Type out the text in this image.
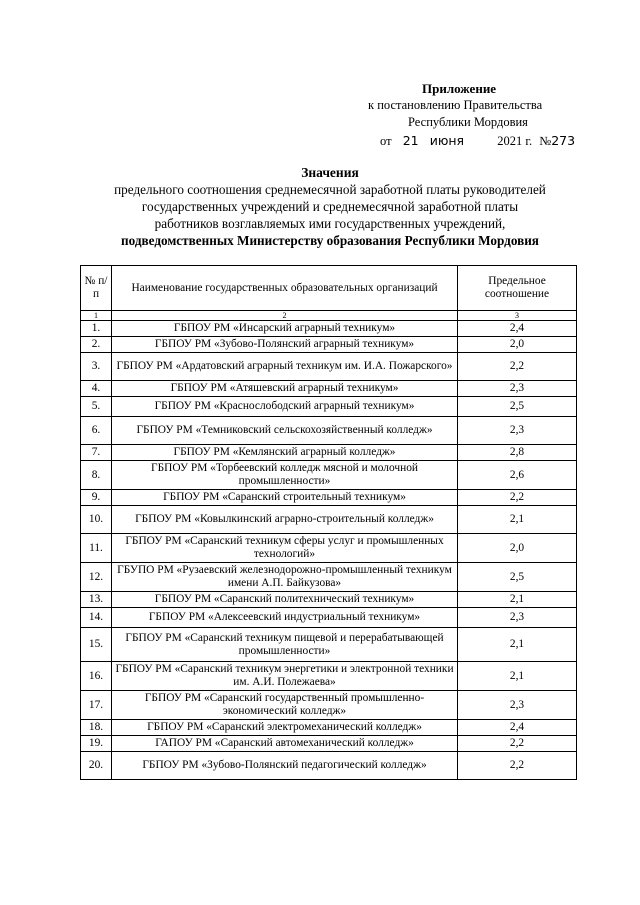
Приложение
к постановлению Правительства
Республики Мордовия
от 21 июня	2021 г. №273
Значения
предельного соотношения среднемесячной заработной платы руководителей
государственных учреждений и среднемесячной заработной платы
работников возглавляемых ими государственных учреждений,
подведомственных Министерству образования Республики Мордовия
№ п/п	Наименование государственных образовательных организаций	Предельное соотношение
1	2	3
1.	ГБПОУ РМ «Инсарский аграрный техникум»	2,4
2.	ГБПОУ РМ «Зубово-Полянский аграрный техникум»	2,0
3.	ГБПОУ РМ «Ардатовский аграрный техникум им. И.А. Пожарского»	2,2
4.	ГБПОУ РМ «Атяшевский аграрный техникум»	2,3
5.	ГБПОУ РМ «Краснослободский аграрный техникум»	2,5
6.	ГБПОУ РМ «Темниковский сельскохозяйственный колледж»	2,3
7.	ГБПОУ РМ «Кемлянский аграрный колледж»	2,8
8.	ГБПОУ РМ «Торбеевский колледж мясной и молочной промышленности»	2,6
9.	ГБПОУ РМ «Саранский строительный техникум»	2,2
10.	ГБПОУ РМ «Ковылкинский аграрно-строительный колледж»	2,1
11.	ГБПОУ РМ «Саранский техникум сферы услуг и промышленных технологий»	2,0
12.	ГБУПО РМ «Рузаевский железнодорожно-промышленный техникум имени А.П. Байкузова»	2,5
13.	ГБПОУ РМ «Саранский политехнический техникум»	2,1
14.	ГБПОУ РМ «Алексеевский индустриальный техникум»	2,3
15.	ГБПОУ РМ «Саранский техникум пищевой и перерабатывающей промышленности»	2,1
16.	ГБПОУ РМ «Саранский техникум энергетики и электронной техники им. А.И. Полежаева»	2,1
17.	ГБПОУ РМ «Саранский государственный промышленно-экономический колледж»	2,3
18.	ГБПОУ РМ «Саранский электромеханический колледж»	2,4
19.	ГАПОУ РМ «Саранский автомеханический колледж»	2,2
20.	ГБПОУ РМ «Зубово-Полянский педагогический колледж»	2,2
